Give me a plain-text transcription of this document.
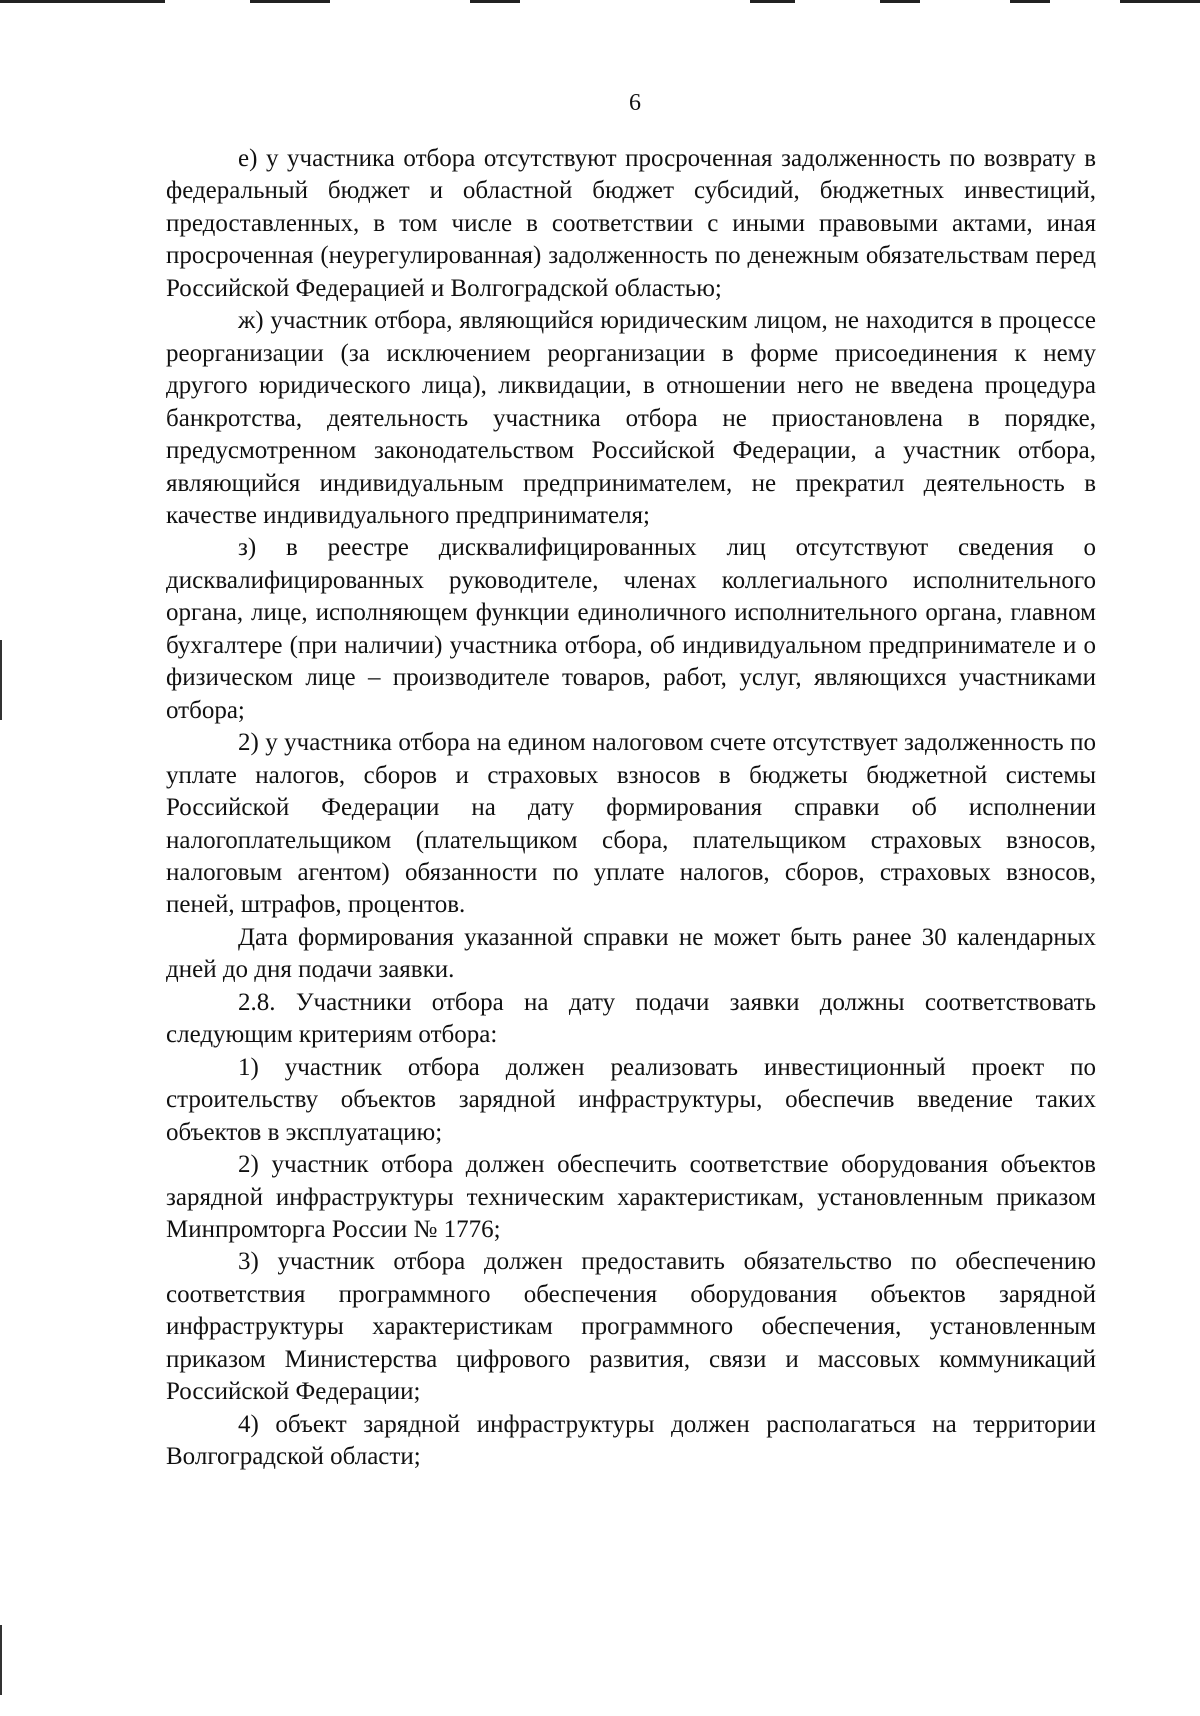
6

е) у участника отбора отсутствуют просроченная задолженность по возврату в федеральный бюджет и областной бюджет субсидий, бюджетных инвестиций, предоставленных, в том числе в соответствии с иными правовыми актами, иная просроченная (неурегулированная) задолженность по денежным обязательствам перед Российской Федерацией и Волгоградской областью;

ж) участник отбора, являющийся юридическим лицом, не находится в процессе реорганизации (за исключением реорганизации в форме присоединения к нему другого юридического лица), ликвидации, в отношении него не введена процедура банкротства, деятельность участника отбора не приостановлена в порядке, предусмотренном законодательством Российской Федерации, а участник отбора, являющийся индивидуальным предпринимателем, не прекратил деятельность в качестве индивидуального предпринимателя;

з) в реестре дисквалифицированных лиц отсутствуют сведения о дисквалифицированных руководителе, членах коллегиального исполнительного органа, лице, исполняющем функции единоличного исполнительного органа, главном бухгалтере (при наличии) участника отбора, об индивидуальном предпринимателе и о физическом лице – производителе товаров, работ, услуг, являющихся участниками отбора;

2) у участника отбора на едином налоговом счете отсутствует задолженность по уплате налогов, сборов и страховых взносов в бюджеты бюджетной системы Российской Федерации на дату формирования справки об исполнении налогоплательщиком (плательщиком сбора, плательщиком страховых взносов, налоговым агентом) обязанности по уплате налогов, сборов, страховых взносов, пеней, штрафов, процентов.

Дата формирования указанной справки не может быть ранее 30 календарных дней до дня подачи заявки.

2.8. Участники отбора на дату подачи заявки должны соответствовать следующим критериям отбора:

1) участник отбора должен реализовать инвестиционный проект по строительству объектов зарядной инфраструктуры, обеспечив введение таких объектов в эксплуатацию;

2) участник отбора должен обеспечить соответствие оборудования объектов зарядной инфраструктуры техническим характеристикам, установленным приказом Минпромторга России № 1776;

3) участник отбора должен предоставить обязательство по обеспечению соответствия программного обеспечения оборудования объектов зарядной инфраструктуры характеристикам программного обеспечения, установленным приказом Министерства цифрового развития, связи и массовых коммуникаций Российской Федерации;

4) объект зарядной инфраструктуры должен располагаться на территории Волгоградской области;
